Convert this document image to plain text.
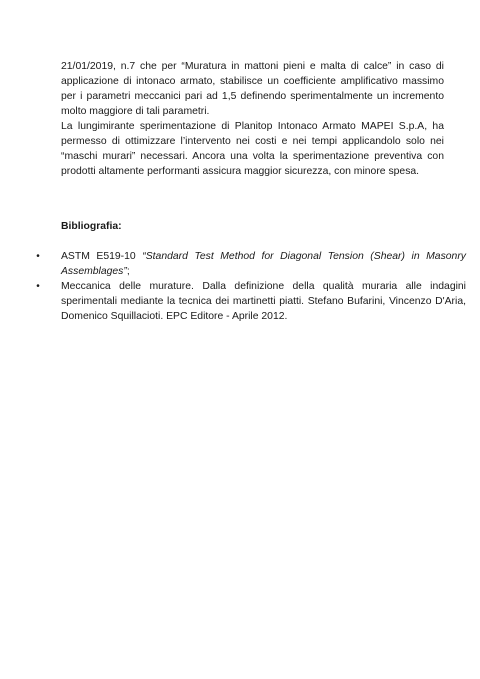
21/01/2019, n.7 che per “Muratura in mattoni pieni e malta di calce” in caso di applicazione di intonaco armato, stabilisce un coefficiente amplificativo massimo per i parametri meccanici pari ad 1,5 definendo sperimentalmente un incremento molto maggiore di tali parametri.

La lungimirante sperimentazione di Planitop Intonaco Armato MAPEI S.p.A, ha permesso di ottimizzare l’intervento nei costi e nei tempi applicandolo solo nei “maschi murari” necessari. Ancora una volta la sperimentazione preventiva con prodotti altamente performanti assicura maggior sicurezza, con minore spesa.

Bibliografia:

•	ASTM E519-10 “Standard Test Method for Diagonal Tension (Shear) in Masonry Assemblages”;
•	Meccanica delle murature. Dalla definizione della qualità muraria alle indagini sperimentali mediante la tecnica dei martinetti piatti. Stefano Bufarini, Vincenzo D'Aria, Domenico Squillacioti. EPC Editore - Aprile 2012.
